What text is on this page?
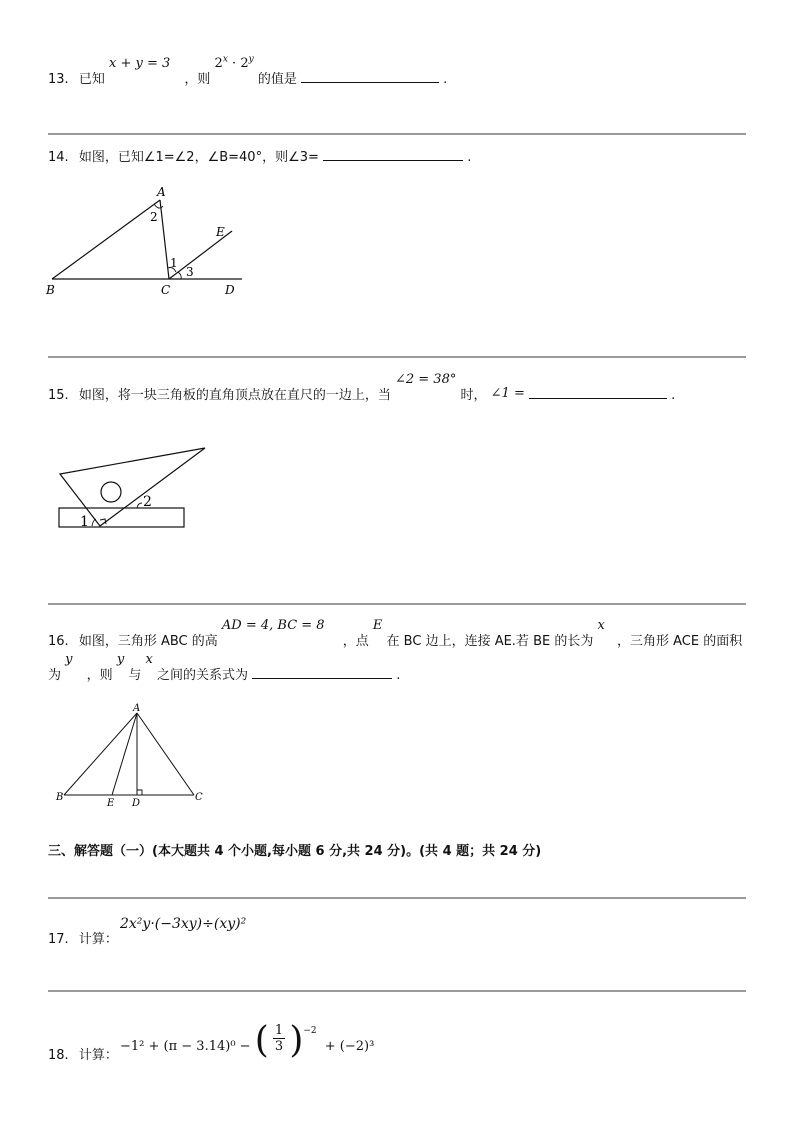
13. 已知 x + y = 3 ，则 $2^x \cdot 2^y$ 的值是	.
14. 如图，已知∠1=∠2，∠B=40°，则∠3=	.
A
2
E
1
3
B	C	D
15. 如图，将一块三角板的直角顶点放在直尺的一边上，当 ∠2 = 38° 时， ∠1 =	.
1
2
16. 如图，三角形 ABC 的高 AD = 4, BC = 8 ，点 E 在 BC 边上，连接 AE.若 BE 的长为 x ，三角形 ACE 的面积
为 y ，则 y 与 x 之间的关系式为	.
A
B
E D
C
三、解答题（一）(本大题共 4 个小题,每小题 6 分,共 24 分)。(共 4 题；共 24 分)
17. 计算：
2x²y·(−3xy)÷(xy)²
−1² + (π − 3.14)⁰ − ( $\frac{1}{3} )^{-2} + (-2)^3$
18. 计算：
